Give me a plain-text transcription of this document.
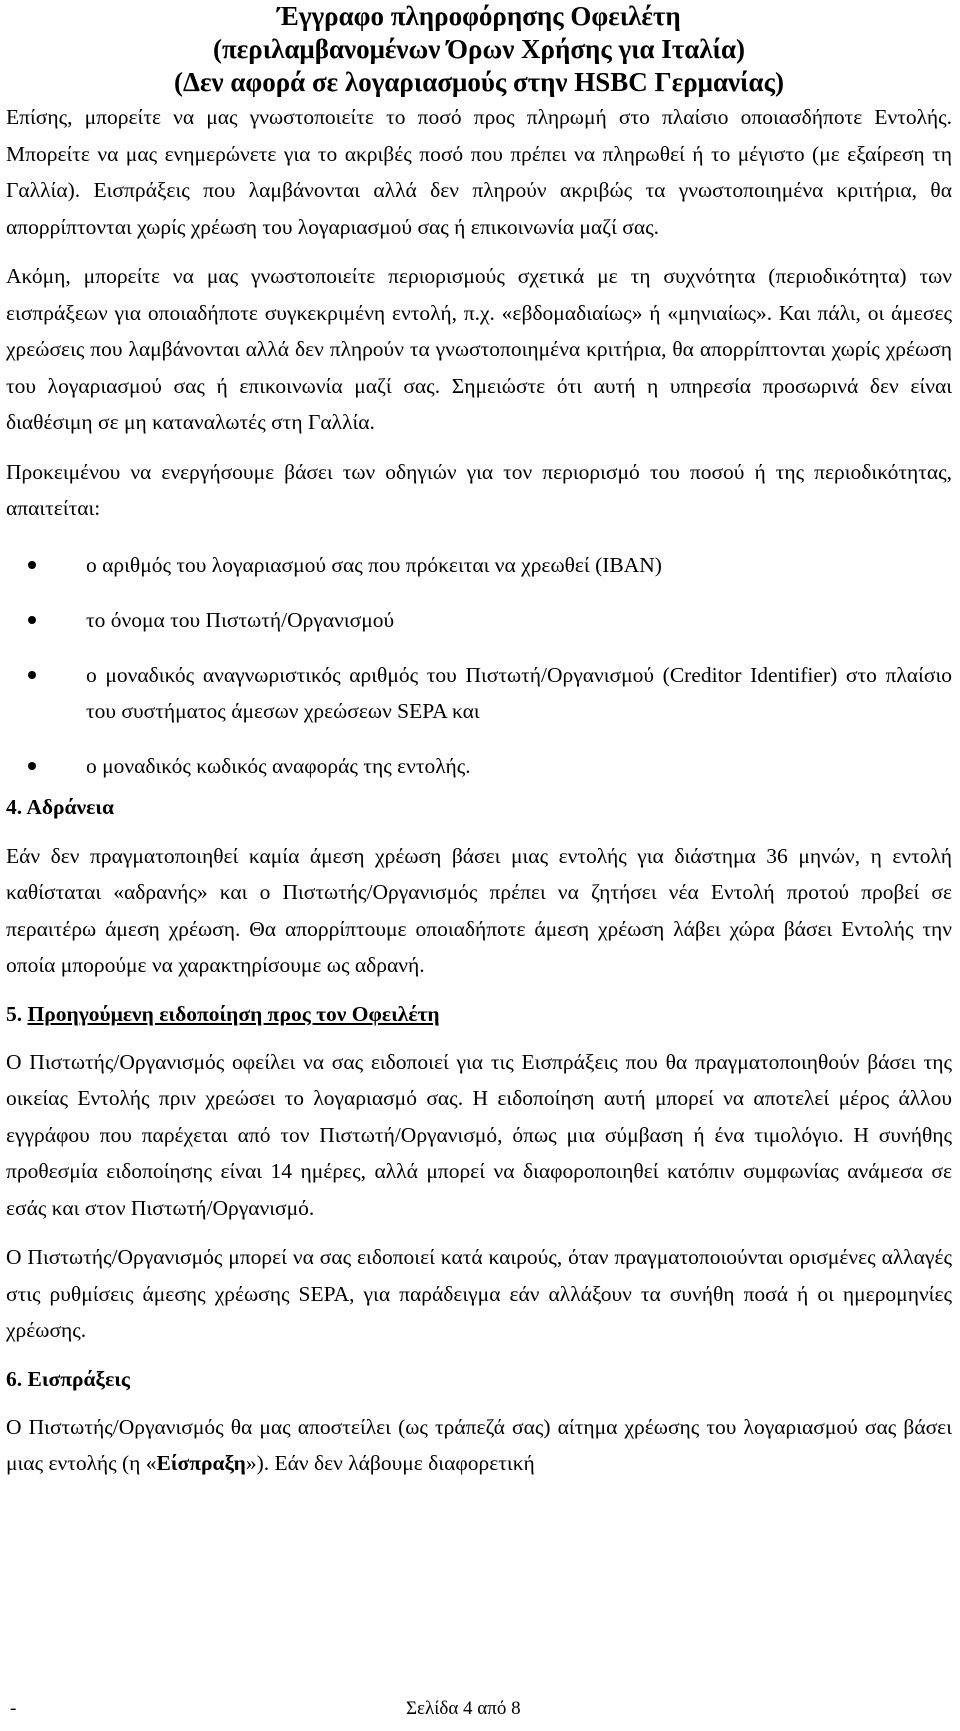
Έγγραφο πληροφόρησης Οφειλέτη
(περιλαμβανομένων Όρων Χρήσης για Ιταλία)
(Δεν αφορά σε λογαριασμούς στην HSBC Γερμανίας)

Επίσης, μπορείτε να μας γνωστοποιείτε το ποσό προς πληρωμή στο πλαίσιο οποιασδήποτε Εντολής. Μπορείτε να μας ενημερώνετε για το ακριβές ποσό που πρέπει να πληρωθεί ή το μέγιστο (με εξαίρεση τη Γαλλία). Εισπράξεις που λαμβάνονται αλλά δεν πληρούν ακριβώς τα γνωστοποιημένα κριτήρια, θα απορρίπτονται χωρίς χρέωση του λογαριασμού σας ή επικοινωνία μαζί σας.

Ακόμη, μπορείτε να μας γνωστοποιείτε περιορισμούς σχετικά με τη συχνότητα (περιοδικότητα) των εισπράξεων για οποιαδήποτε συγκεκριμένη εντολή, π.χ. «εβδομαδιαίως» ή «μηνιαίως». Και πάλι, οι άμεσες χρεώσεις που λαμβάνονται αλλά δεν πληρούν τα γνωστοποιημένα κριτήρια, θα απορρίπτονται χωρίς χρέωση του λογαριασμού σας ή επικοινωνία μαζί σας. Σημειώστε ότι αυτή η υπηρεσία προσωρινά δεν είναι διαθέσιμη σε μη καταναλωτές στη Γαλλία.

Προκειμένου να ενεργήσουμε βάσει των οδηγιών για τον περιορισμό του ποσού ή της περιοδικότητας, απαιτείται:

ο αριθμός του λογαριασμού σας που πρόκειται να χρεωθεί (IBAN)
το όνομα του Πιστωτή/Οργανισμού
ο μοναδικός αναγνωριστικός αριθμός του Πιστωτή/Οργανισμού (Creditor Identifier) στο πλαίσιο του συστήματος άμεσων χρεώσεων SEPA και
ο μοναδικός κωδικός αναφοράς της εντολής.
4. Αδράνεια

Εάν δεν πραγματοποιηθεί καμία άμεση χρέωση βάσει μιας εντολής για διάστημα 36 μηνών, η εντολή καθίσταται «αδρανής» και ο Πιστωτής/Οργανισμός πρέπει να ζητήσει νέα Εντολή προτού προβεί σε περαιτέρω άμεση χρέωση. Θα απορρίπτουμε οποιαδήποτε άμεση χρέωση λάβει χώρα βάσει Εντολής την οποία μπορούμε να χαρακτηρίσουμε ως αδρανή.

5. Προηγούμενη ειδοποίηση προς τον Οφειλέτη

Ο Πιστωτής/Οργανισμός οφείλει να σας ειδοποιεί για τις Εισπράξεις που θα πραγματοποιηθούν βάσει της οικείας Εντολής πριν χρεώσει το λογαριασμό σας. Η ειδοποίηση αυτή μπορεί να αποτελεί μέρος άλλου εγγράφου που παρέχεται από τον Πιστωτή/Οργανισμό, όπως μια σύμβαση ή ένα τιμολόγιο. Η συνήθης προθεσμία ειδοποίησης είναι 14 ημέρες, αλλά μπορεί να διαφοροποιηθεί κατόπιν συμφωνίας ανάμεσα σε εσάς και στον Πιστωτή/Οργανισμό.

Ο Πιστωτής/Οργανισμός μπορεί να σας ειδοποιεί κατά καιρούς, όταν πραγματοποιούνται ορισμένες αλλαγές στις ρυθμίσεις άμεσης χρέωσης SEPA, για παράδειγμα εάν αλλάξουν τα συνήθη ποσά ή οι ημερομηνίες χρέωσης.

6. Εισπράξεις

Ο Πιστωτής/Οργανισμός θα μας αποστείλει (ως τράπεζά σας) αίτημα χρέωσης του λογαριασμού σας βάσει μιας εντολής (η «Είσπραξη»). Εάν δεν λάβουμε διαφορετική

-	Σελίδα 4 από 8
